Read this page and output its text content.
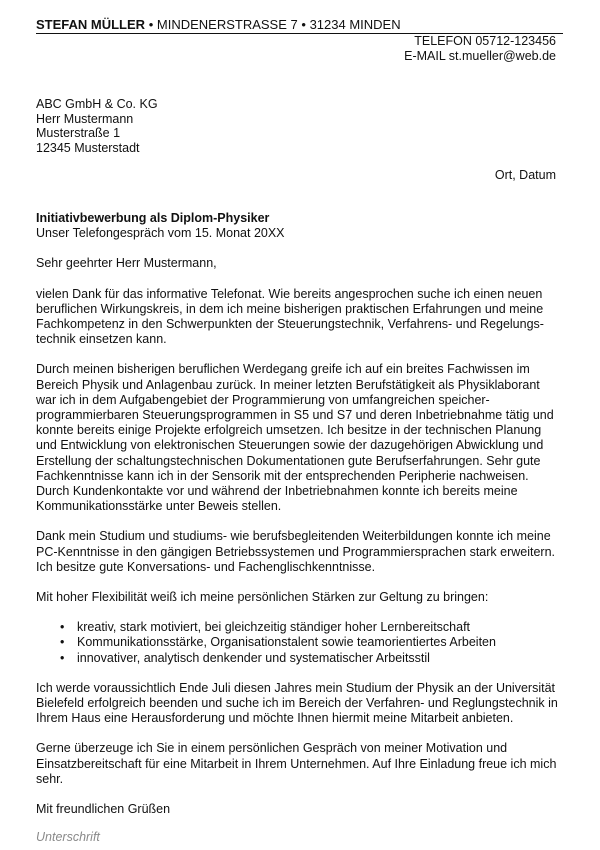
STEFAN MÜLLER • MINDENERSTRASSE 7 • 31234 MINDEN
TELEFON 05712-123456
E-MAIL st.mueller@web.de
ABC GmbH & Co. KG
Herr Mustermann
Musterstraße 1
12345 Musterstadt
Ort, Datum
Initiativbewerbung als Diplom-Physiker
Unser Telefongespräch vom 15. Monat 20XX

Sehr geehrter Herr Mustermann,

vielen Dank für das informative Telefonat. Wie bereits angesprochen suche ich einen neuen beruflichen Wirkungskreis, in dem ich meine bisherigen praktischen Erfahrungen und meine Fachkompetenz in den Schwerpunkten der Steuerungstechnik, Verfahrens- und Regelungs-technik einsetzen kann.

Durch meinen bisherigen beruflichen Werdegang greife ich auf ein breites Fachwissen im Bereich Physik und Anlagenbau zurück. In meiner letzten Berufstätigkeit als Physiklaborant war ich in dem Aufgabengebiet der Programmierung von umfangreichen speicher-programmierbaren Steuerungsprogrammen in S5 und S7 und deren Inbetriebnahme tätig und konnte bereits einige Projekte erfolgreich umsetzen. Ich besitze in der technischen Planung und Entwicklung von elektronischen Steuerungen sowie der dazugehörigen Abwicklung und Erstellung der schaltungstechnischen Dokumentationen gute Berufserfahrungen. Sehr gute Fachkenntnisse kann ich in der Sensorik mit der entsprechenden Peripherie nachweisen. Durch Kundenkontakte vor und während der Inbetriebnahmen konnte ich bereits meine Kommunikationsstärke unter Beweis stellen.

Dank mein Studium und studiums- wie berufsbegleitenden Weiterbildungen konnte ich meine PC-Kenntnisse in den gängigen Betriebssystemen und Programmiersprachen stark erweitern. Ich besitze gute Konversations- und Fachenglischkenntnisse.

Mit hoher Flexibilität weiß ich meine persönlichen Stärken zur Geltung zu bringen:

• kreativ, stark motiviert, bei gleichzeitig ständiger hoher Lernbereitschaft
• Kommunikationsstärke, Organisationstalent sowie teamorientiertes Arbeiten
• innovativer, analytisch denkender und systematischer Arbeitsstil

Ich werde voraussichtlich Ende Juli diesen Jahres mein Studium der Physik an der Universität Bielefeld erfolgreich beenden und suche ich im Bereich der Verfahren- und Reglungstechnik in Ihrem Haus eine Herausforderung und möchte Ihnen hiermit meine Mitarbeit anbieten.

Gerne überzeuge ich Sie in einem persönlichen Gespräch von meiner Motivation und Einsatzbereitschaft für eine Mitarbeit in Ihrem Unternehmen. Auf Ihre Einladung freue ich mich sehr.

Mit freundlichen Grüßen

Unterschrift
